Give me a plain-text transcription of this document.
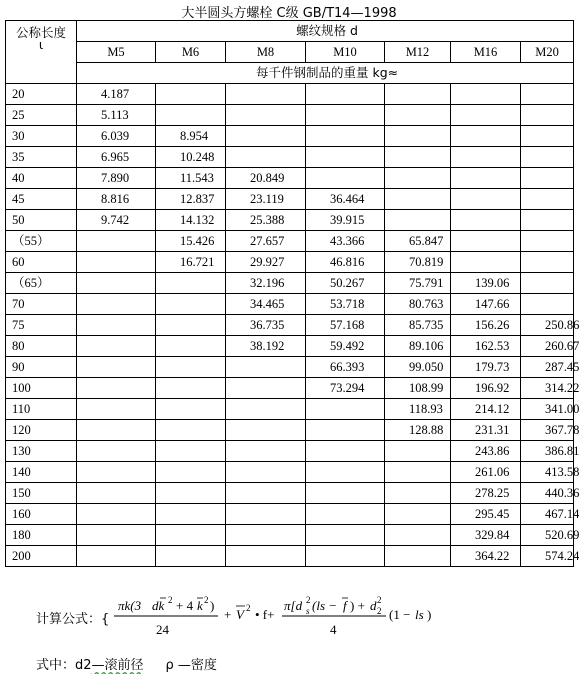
大半圆头方螺栓 C级 GB/T14—1998
公称长度
ι	螺纹规格 d						
	M5	M6	M8	M10	M12	M16	M20
	每千件钢制品的重量 kg≈						
20	4.187						
25	5.113						
30	6.039	8.954					
35	6.965	10.248					
40	7.890	11.543	20.849				
45	8.816	12.837	23.119	36.464			
50	9.742	14.132	25.388	39.915			
（55）		15.426	27.657	43.366	65.847		
60		16.721	29.927	46.816	70.819		
（65）			32.196	50.267	75.791	139.06	
70			34.465	53.718	80.763	147.66	
75			36.735	57.168	85.735	156.26	250.86
80			38.192	59.492	89.106	162.53	260.67
90				66.393	99.050	179.73	287.45
100				73.294	108.99	196.92	314.22
110					118.93	214.12	341.00
120					128.88	231.31	367.78
130						243.86	386.81
140						261.06	413.58
150						278.25	440.36
160						295.45	467.14
180						329.84	520.69
200						364.22	574.24
计算公式：{
πk(3 dk 2 + 4 k 2 )
24
+ V 2 • f+
π[d s
2 (ls − f ) + d 2
2
4
(1 − ls )
式中：d2—滚前径 ρ —密度
